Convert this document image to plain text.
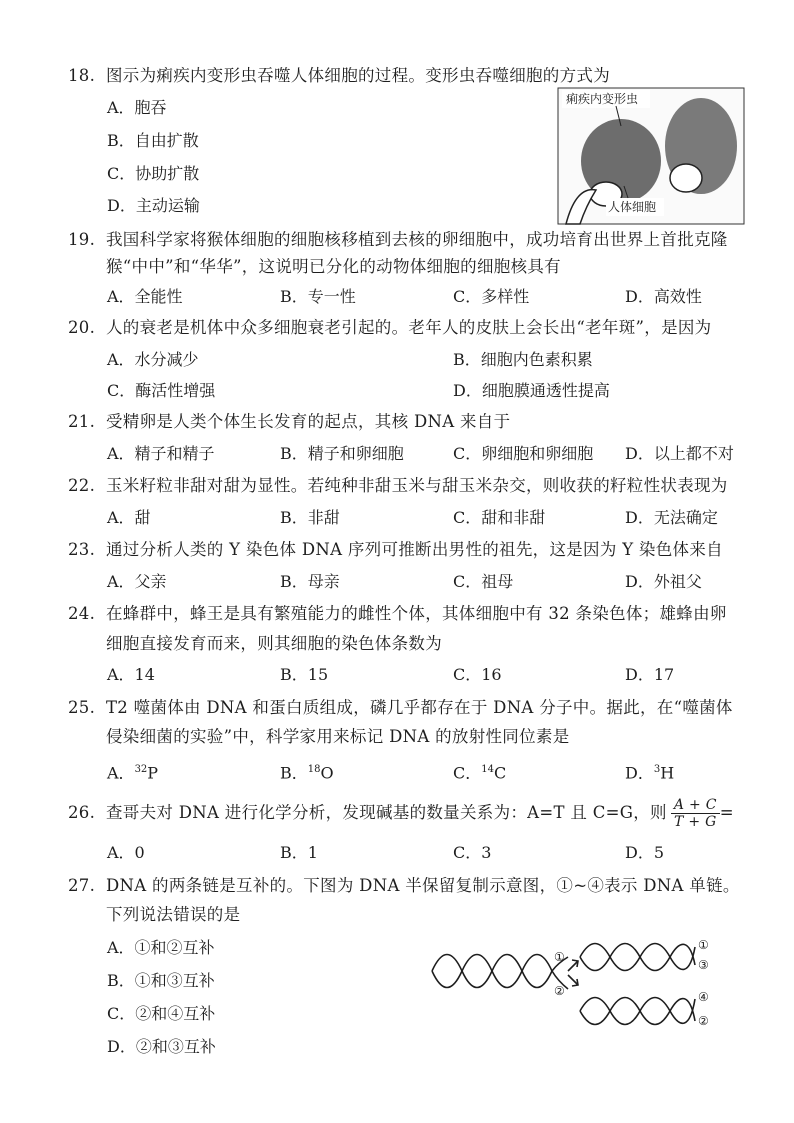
18. 图示为痢疾内变形虫吞噬人体细胞的过程。变形虫吞噬细胞的方式为
A．胞吞
B．自由扩散
C．协助扩散
D．主动运输
痢疾内变形虫
人体细胞
19. 我国科学家将猴体细胞的细胞核移植到去核的卵细胞中，成功培育出世界上首批克隆
猴“中中”和“华华”，这说明已分化的动物体细胞的细胞核具有
A．全能性	B．专一性	C．多样性	D．高效性
20. 人的衰老是机体中众多细胞衰老引起的。老年人的皮肤上会长出“老年斑”，是因为
A．水分减少	B．细胞内色素积累
C．酶活性增强	D．细胞膜通透性提高
21. 受精卵是人类个体生长发育的起点，其核 DNA 来自于
A．精子和精子	B．精子和卵细胞	C．卵细胞和卵细胞 D．以上都不对
22. 玉米籽粒非甜对甜为显性。若纯种非甜玉米与甜玉米杂交，则收获的籽粒性状表现为
A．甜	B．非甜	C．甜和非甜	D．无法确定
23. 通过分析人类的 Y 染色体 DNA 序列可推断出男性的祖先，这是因为 Y 染色体来自
A．父亲	B．母亲	C．祖母	D．外祖父
24. 在蜂群中，蜂王是具有繁殖能力的雌性个体，其体细胞中有 32 条染色体；雄蜂由卵
细胞直接发育而来，则其细胞的染色体条数为
A．14	B．15	C．16	D．17
25. T2 噬菌体由 DNA 和蛋白质组成，磷几乎都存在于 DNA 分子中。据此，在“噬菌体
侵染细菌的实验”中，科学家用来标记 DNA 的放射性同位素是
A．$^{32}$P	B．$^{18}$O	C．$^{14}$C	D．$^3$H
26. 查哥夫对 DNA 进行化学分析，发现碱基的数量关系为：A=T 且 C=G，则 $\frac{A + C}{T + G}$ =
A．0	B．1	C．3	D．5
27. DNA 的两条链是互补的。下图为 DNA 半保留复制示意图，①~④表示 DNA 单链。
下列说法错误的是
A．①和②互补
B．①和③互补
C．②和④互补
D．②和③互补
①
②
①
③
④
②
